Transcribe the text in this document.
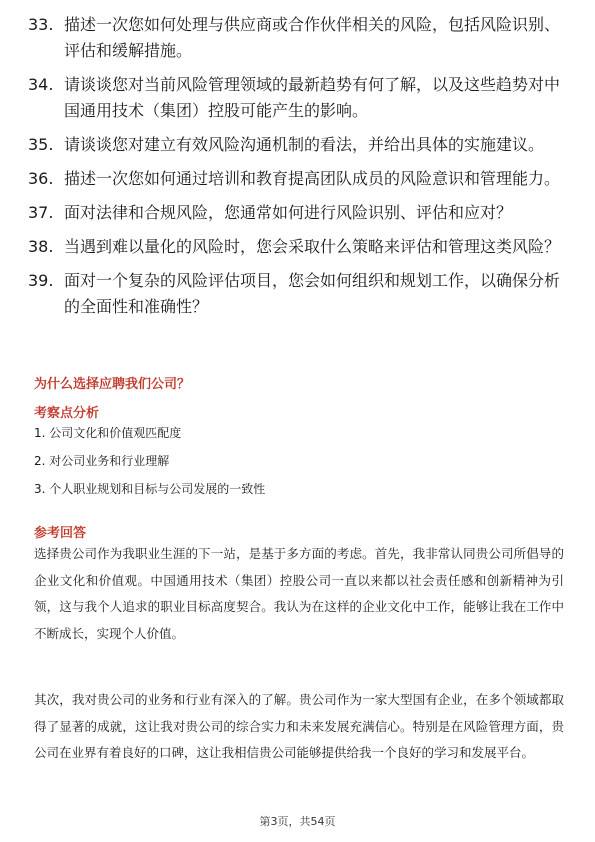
33. 描述一次您如何处理与供应商或合作伙伴相关的风险，包括风险识别、评估和缓解措施。
34. 请谈谈您对当前风险管理领域的最新趋势有何了解，以及这些趋势对中国通用技术（集团）控股可能产生的影响。
35. 请谈谈您对建立有效风险沟通机制的看法，并给出具体的实施建议。
36. 描述一次您如何通过培训和教育提高团队成员的风险意识和管理能力。
37. 面对法律和合规风险，您通常如何进行风险识别、评估和应对？
38. 当遇到难以量化的风险时，您会采取什么策略来评估和管理这类风险？
39. 面对一个复杂的风险评估项目，您会如何组织和规划工作，以确保分析的全面性和准确性？
为什么选择应聘我们公司？
考察点分析
1. 公司文化和价值观匹配度
2. 对公司业务和行业理解
3. 个人职业规划和目标与公司发展的一致性
参考回答
选择贵公司作为我职业生涯的下一站，是基于多方面的考虑。首先，我非常认同贵公司所倡导的企业文化和价值观。中国通用技术（集团）控股公司一直以来都以社会责任感和创新精神为引领，这与我个人追求的职业目标高度契合。我认为在这样的企业文化中工作，能够让我在工作中不断成长，实现个人价值。
其次，我对贵公司的业务和行业有深入的了解。贵公司作为一家大型国有企业，在多个领域都取得了显著的成就，这让我对贵公司的综合实力和未来发展充满信心。特别是在风险管理方面，贵公司在业界有着良好的口碑，这让我相信贵公司能够提供给我一个良好的学习和发展平台。
第3页，共54页
